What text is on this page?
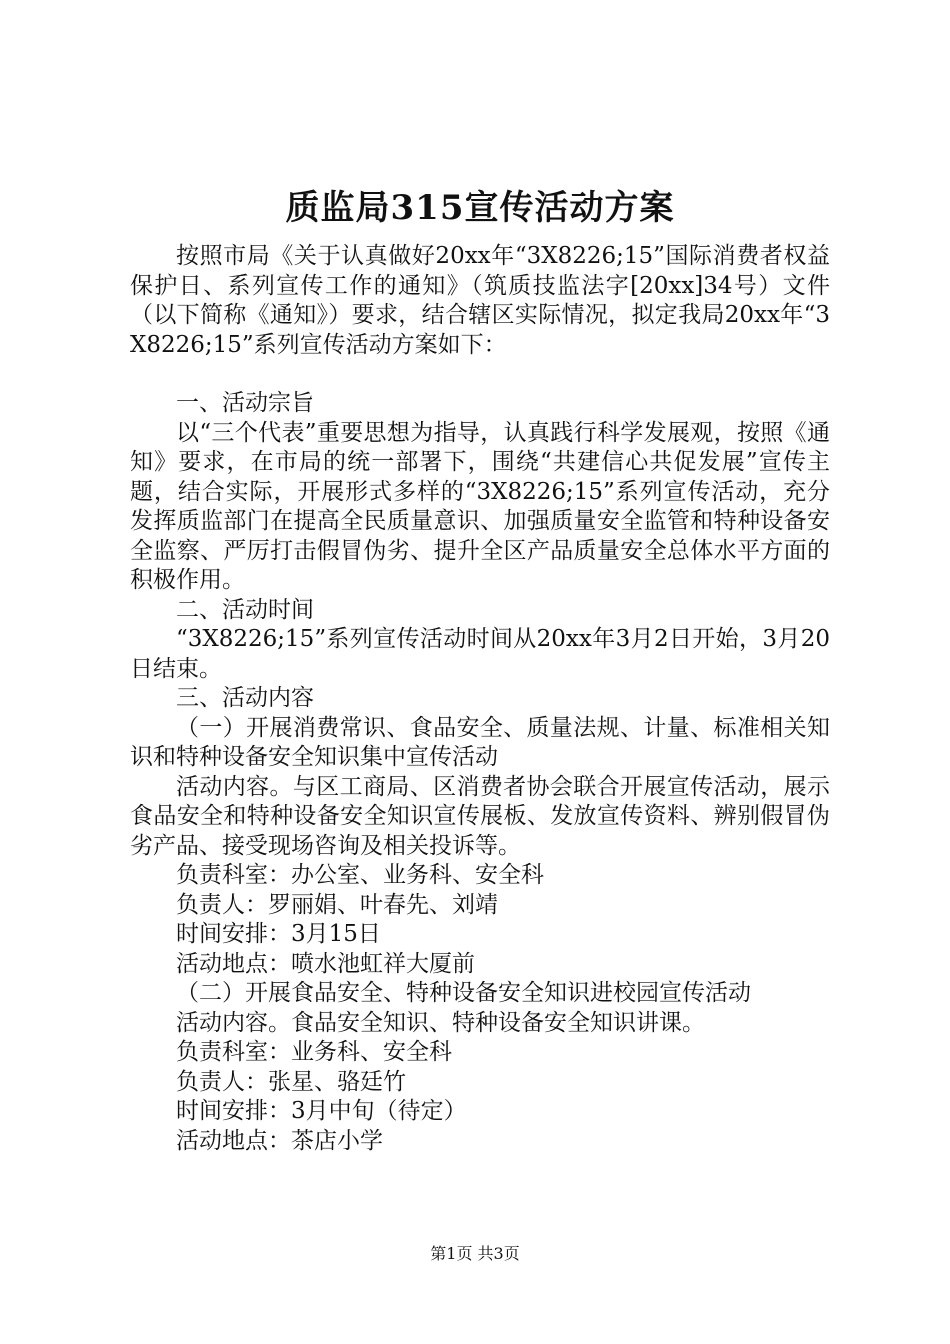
质监局315宣传活动方案

按照市局《关于认真做好20xx年“3X8226;15”国际消费者权益保护日、系列宣传工作的通知》（筑质技监法字[20xx]34号）文件（以下简称《通知》）要求，结合辖区实际情况，拟定我局20xx年“3X8226;15”系列宣传活动方案如下：

一、活动宗旨

以“三个代表”重要思想为指导，认真践行科学发展观，按照《通知》要求，在市局的统一部署下，围绕“共建信心共促发展”宣传主题，结合实际，开展形式多样的“3X8226;15”系列宣传活动，充分发挥质监部门在提高全民质量意识、加强质量安全监管和特种设备安全监察、严厉打击假冒伪劣、提升全区产品质量安全总体水平方面的积极作用。

二、活动时间

“3X8226;15”系列宣传活动时间从20xx年3月2日开始，3月20日结束。

三、活动内容

（一）开展消费常识、食品安全、质量法规、计量、标准相关知识和特种设备安全知识集中宣传活动

活动内容。与区工商局、区消费者协会联合开展宣传活动，展示食品安全和特种设备安全知识宣传展板、发放宣传资料、辨别假冒伪劣产品、接受现场咨询及相关投诉等。

负责科室：办公室、业务科、安全科

负责人：罗丽娟、叶春先、刘靖

时间安排：3月15日

活动地点：喷水池虹祥大厦前

（二）开展食品安全、特种设备安全知识进校园宣传活动

活动内容。食品安全知识、特种设备安全知识讲课。

负责科室：业务科、安全科

负责人：张星、骆廷竹

时间安排：3月中旬（待定）

活动地点：茶店小学

第1页 共3页
